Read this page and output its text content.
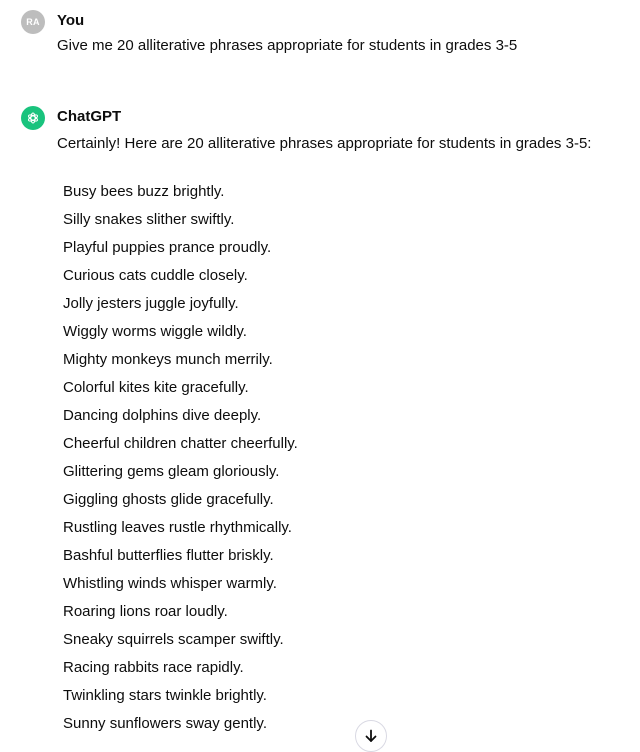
RA	You
Give me 20 alliterative phrases appropriate for students in grades 3-5
ChatGPT
Certainly! Here are 20 alliterative phrases appropriate for students in grades 3-5:
Busy bees buzz brightly.
Silly snakes slither swiftly.
Playful puppies prance proudly.
Curious cats cuddle closely.
Jolly jesters juggle joyfully.
Wiggly worms wiggle wildly.
Mighty monkeys munch merrily.
Colorful kites kite gracefully.
Dancing dolphins dive deeply.
Cheerful children chatter cheerfully.
Glittering gems gleam gloriously.
Giggling ghosts glide gracefully.
Rustling leaves rustle rhythmically.
Bashful butterflies flutter briskly.
Whistling winds whisper warmly.
Roaring lions roar loudly.
Sneaky squirrels scamper swiftly.
Racing rabbits race rapidly.
Twinkling stars twinkle brightly.
Sunny sunflowers sway gently.
